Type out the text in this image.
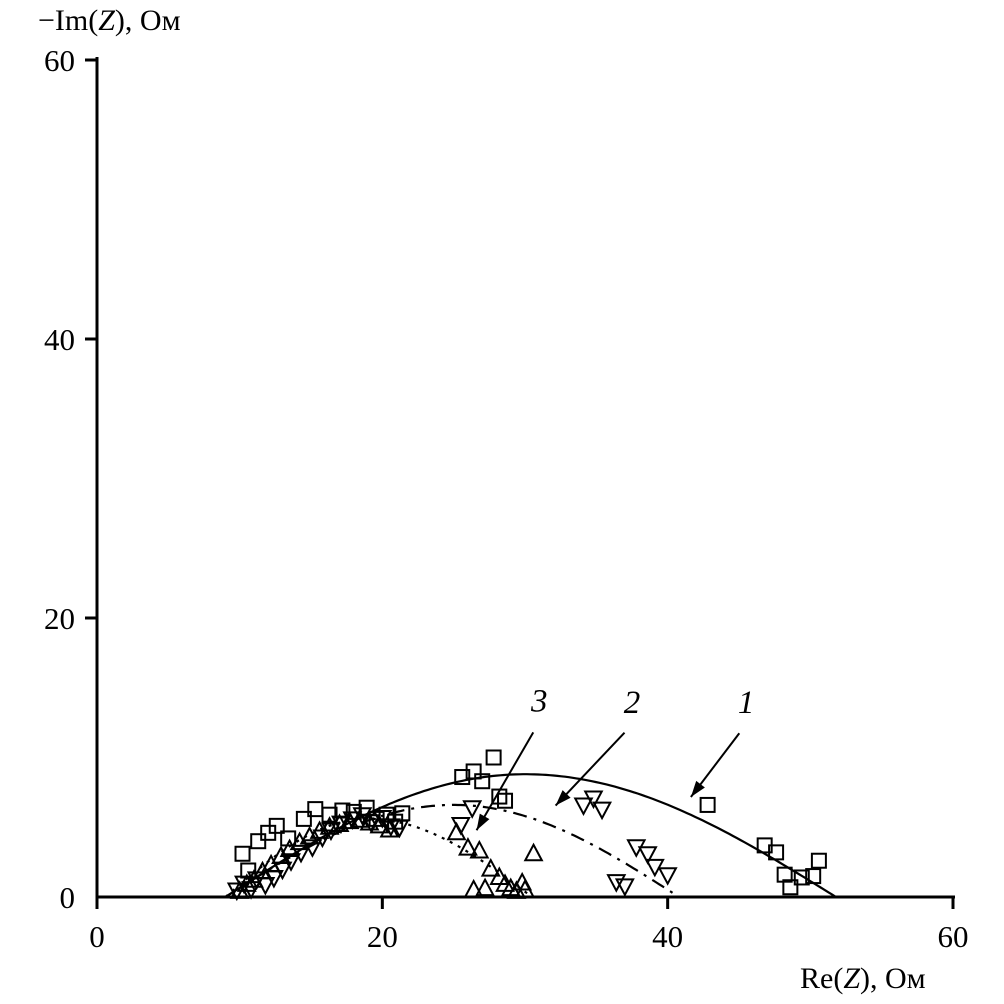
−Im(Z), Ом
Re(Z), Ом
0	20	40	60
0
20
40
60
1
2
3
